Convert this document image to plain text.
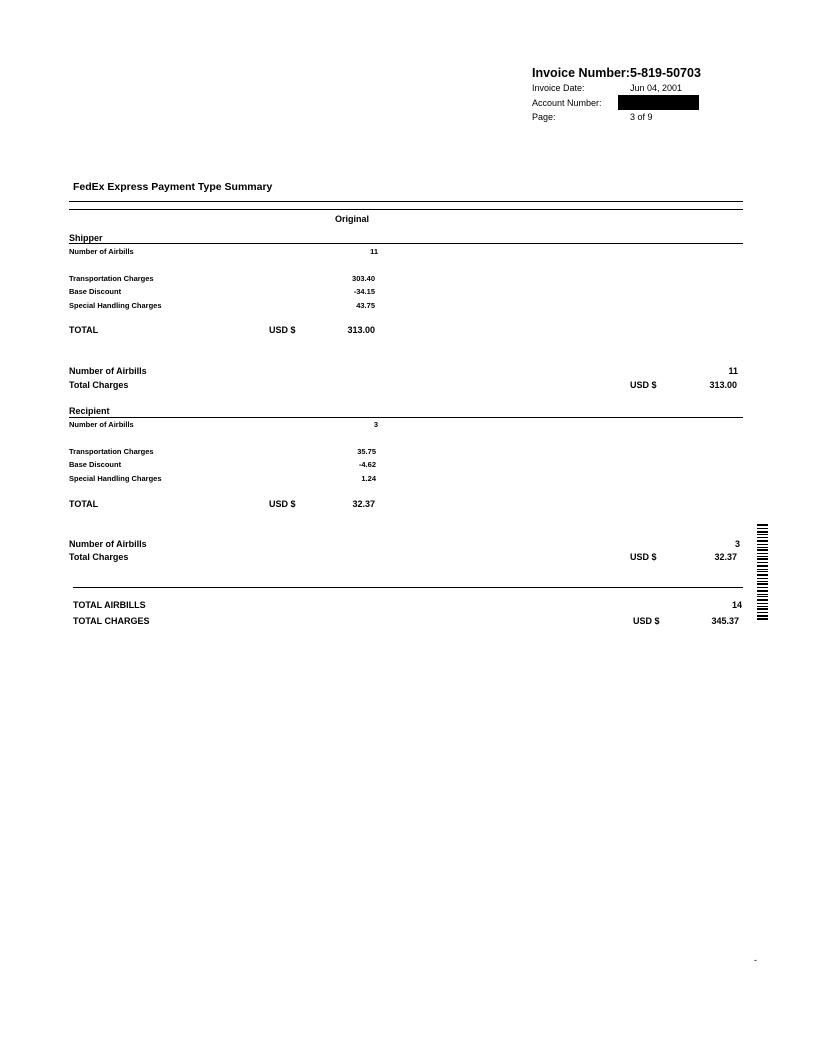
Invoice Number: 5-819-50703
Invoice Date:	Jun 04, 2001
Account Number:
Page:	3 of 9
FedEx Express Payment Type Summary
Original
Shipper
Number of Airbills	11
Transportation Charges	303.40
Base Discount	-34.15
Special Handling Charges	43.75
TOTAL	USD $	313.00
Number of Airbills	11
Total Charges	USD $	313.00
Recipient
Number of Airbills	3
Transportation Charges	35.75
Base Discount	-4.62
Special Handling Charges	1.24
TOTAL	USD $	32.37
Number of Airbills	3
Total Charges	USD $	32.37
TOTAL AIRBILLS	14
TOTAL CHARGES	USD $	345.37
-
